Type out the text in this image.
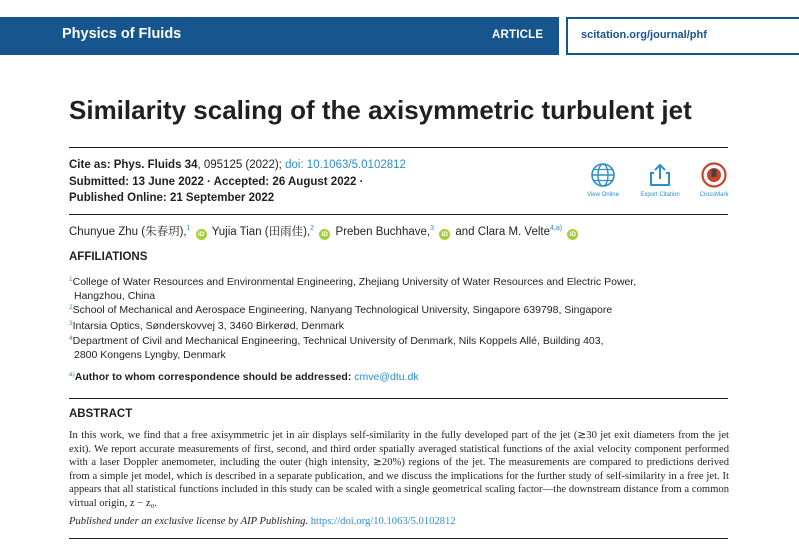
Physics of Fluids	ARTICLE	scitation.org/journal/phf
Similarity scaling of the axisymmetric turbulent jet
Cite as: Phys. Fluids 34, 095125 (2022); doi: 10.1063/5.0102812
Submitted: 13 June 2022 · Accepted: 26 August 2022 ·
Published Online: 21 September 2022	View Online	Export Citation	CrossMark
Chunyue Zhu (朱春玥),$^1$ iD Yujia Tian (田雨佳),$^2$ iD Preben Buchhave,$^3$ iD and Clara M. Velte$^{4,a)}$ iD
AFFILIATIONS
$^1$College of Water Resources and Environmental Engineering, Zhejiang University of Water Resources and Electric Power,
Hangzhou, China
$^2$School of Mechanical and Aerospace Engineering, Nanyang Technological University, Singapore 639798, Singapore
$^3$Intarsia Optics, Sønderskovvej 3, 3460 Birkerød, Denmark
$^4$Department of Civil and Mechanical Engineering, Technical University of Denmark, Nils Koppels Allé, Building 403,
2800 Kongens Lyngby, Denmark
$^{a)}$Author to whom correspondence should be addressed: cmve@dtu.dk
ABSTRACT
In this work, we find that a free axisymmetric jet in air displays self-similarity in the fully developed part of the jet (≳30 jet exit diameters from the jet exit). We report accurate measurements of first, second, and third order spatially averaged statistical functions of the axial velocity component performed with a laser Doppler anemometer, including the outer (high intensity, ≳20%) regions of the jet. The measurements are compared to predictions derived from a simple jet model, which is described in a separate publication, and we discuss the implications for the further study of self-similarity in a free jet. It appears that all statistical functions included in this study can be scaled with a single geometrical scaling factor—the downstream distance from a common virtual origin, z − z₀.
Published under an exclusive license by AIP Publishing. https://doi.org/10.1063/5.0102812
